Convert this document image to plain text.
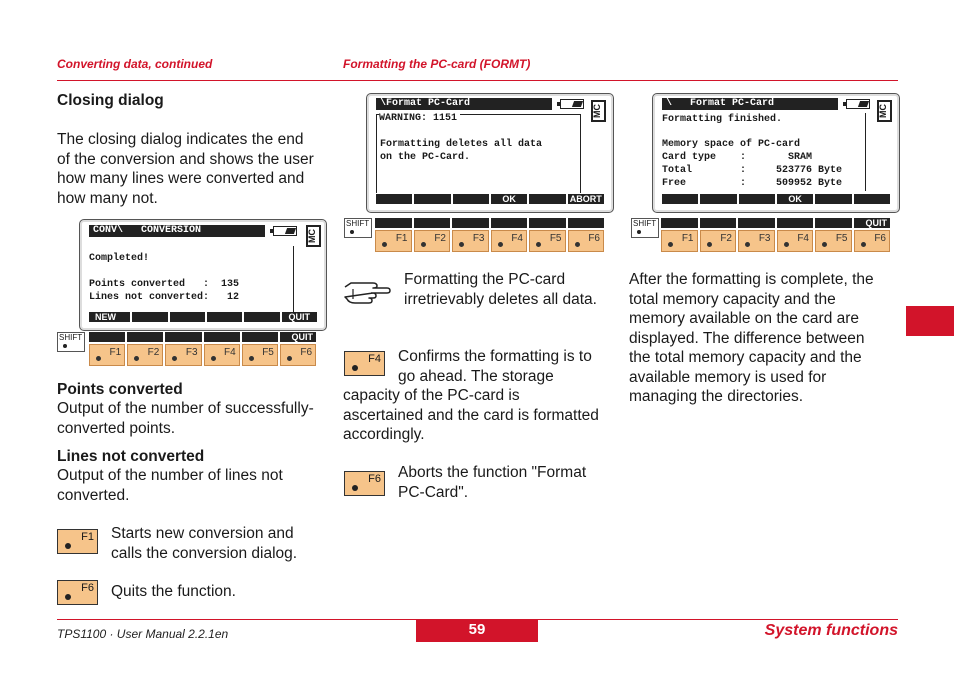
Converting data, continued	Formatting the PC-card (FORMT)
Closing dialog
The closing dialog indicates the end
of the conversion and shows the user
how many lines were converted and
how many not.
CONV\   CONVERSION	MC
Completed!
Points converted   :  135
Lines not converted:   12
NEW	QUIT
SHIFT	QUIT
F1	F2	F3	F4	F5	F6
Points converted
Output of the number of successfully-
converted points.
Lines not converted
Output of the number of lines not
converted.
F1 Starts new conversion and
calls the conversion dialog.
F6 Quits the function.
\Format PC-Card
MC
WARNING: 1151
Formatting deletes all data
on the PC-Card.
OK	ABORT
SHIFT
F1	F2	F3	F4	F5	F6
Formatting the PC-card
irretrievably deletes all data.
F4 Confirms the formatting is to
go ahead. The storage
capacity of the PC-card is
ascertained and the card is formatted
accordingly.
F6 Aborts the function "Format
PC-Card".
\   Format PC-Card
MC
Formatting finished.
Memory space of PC-card
Card type    :       SRAM
Total        :     523776 Byte
Free         :     509952 Byte
OK
SHIFT	QUIT
F1	F2	F3	F4	F5	F6
After the formatting is complete, the
total memory capacity and the
memory available on the card are
displayed. The difference between
the total memory capacity and the
available memory is used for
managing the directories.
TPS1100 · User Manual 2.2.1en	59	System functions
